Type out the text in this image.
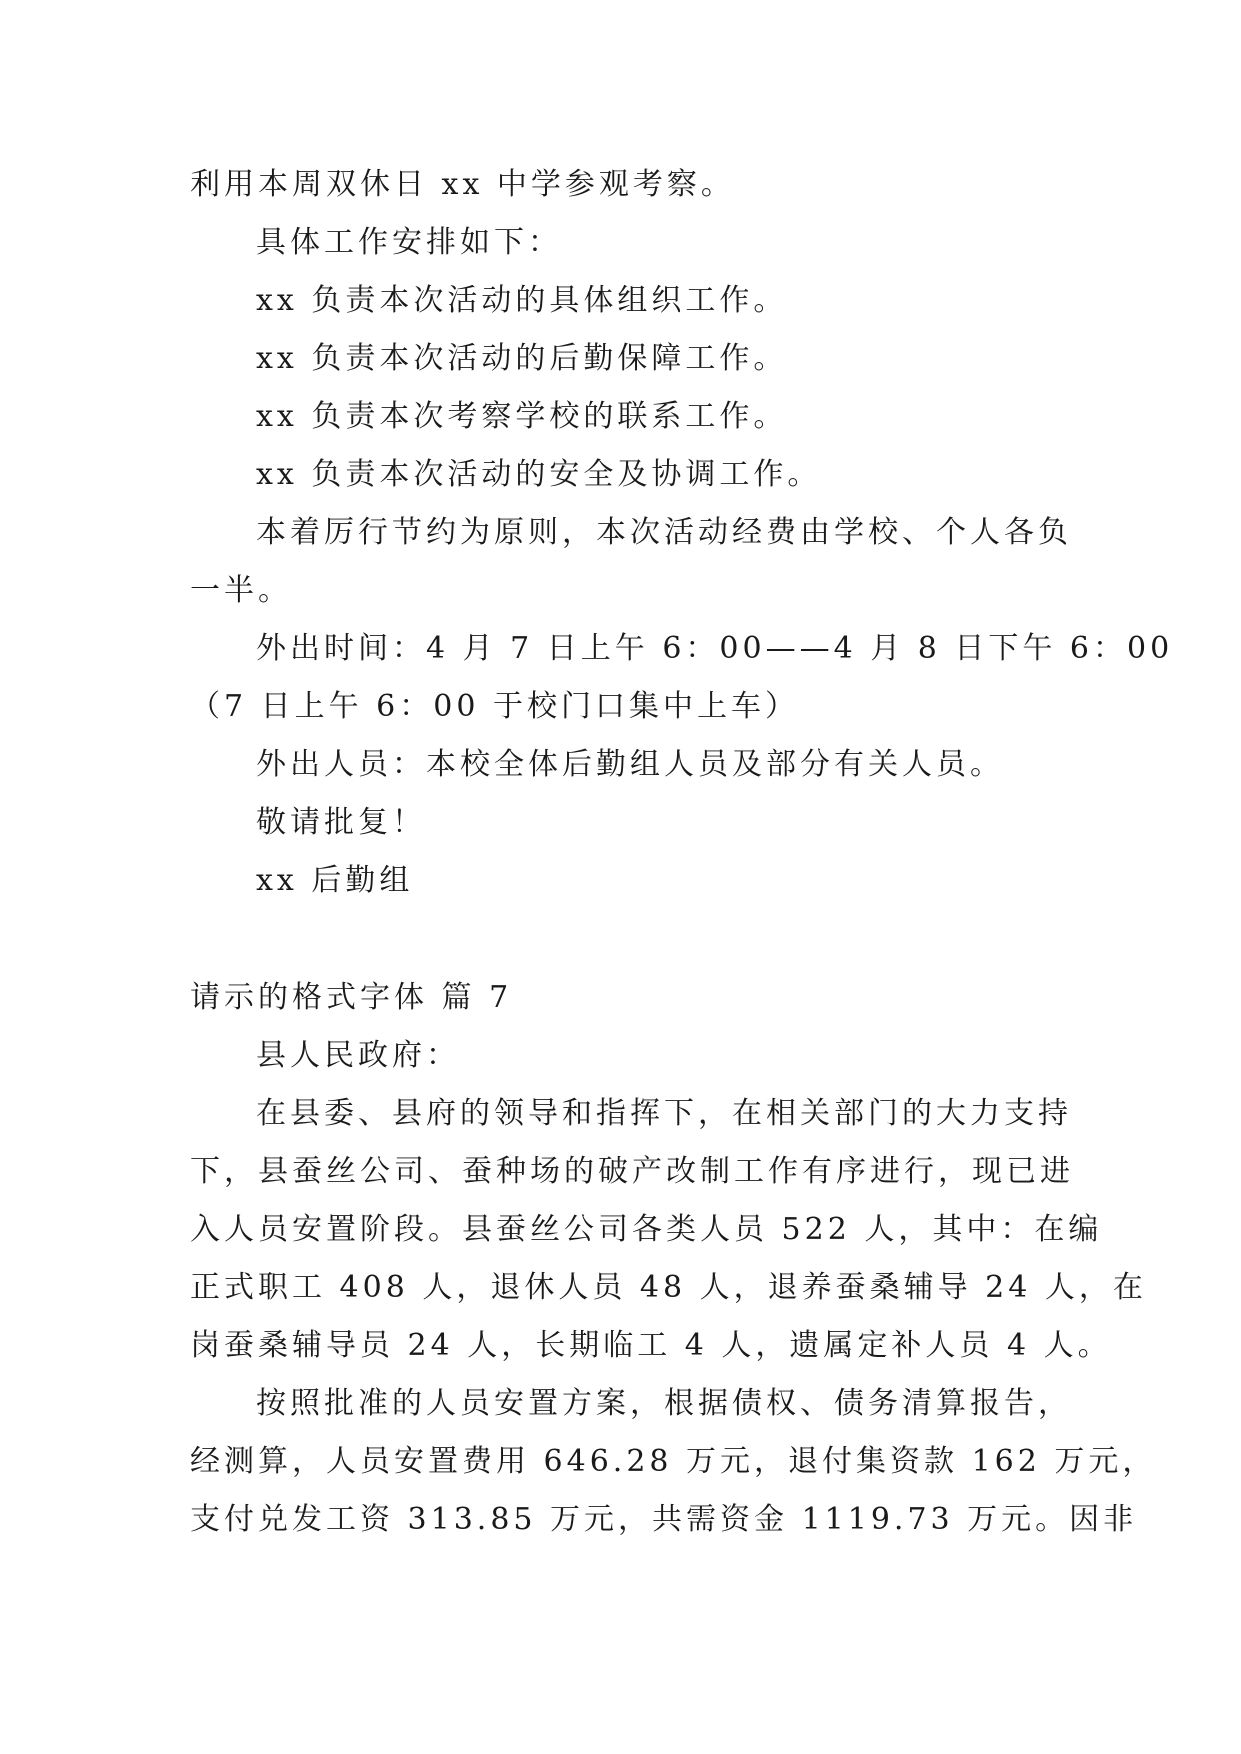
利用本周双休日 xx 中学参观考察。

具体工作安排如下：

xx 负责本次活动的具体组织工作。

xx 负责本次活动的后勤保障工作。

xx 负责本次考察学校的联系工作。

xx 负责本次活动的安全及协调工作。

本着厉行节约为原则，本次活动经费由学校、个人各负

一半。

外出时间：4 月 7 日上午 6：00——4 月 8 日下午 6：00

（7 日上午 6：00 于校门口集中上车）

外出人员：本校全体后勤组人员及部分有关人员。

敬请批复！

xx 后勤组

请示的格式字体 篇 7

县人民政府：

在县委、县府的领导和指挥下，在相关部门的大力支持

下，县蚕丝公司、蚕种场的破产改制工作有序进行，现已进

入人员安置阶段。县蚕丝公司各类人员 522 人，其中：在编

正式职工 408 人，退休人员 48 人，退养蚕桑辅导 24 人，在

岗蚕桑辅导员 24 人，长期临工 4 人，遗属定补人员 4 人。

按照批准的人员安置方案，根据债权、债务清算报告，

经测算，人员安置费用 646.28 万元，退付集资款 162 万元，

支付兑发工资 313.85 万元，共需资金 1119.73 万元。因非
